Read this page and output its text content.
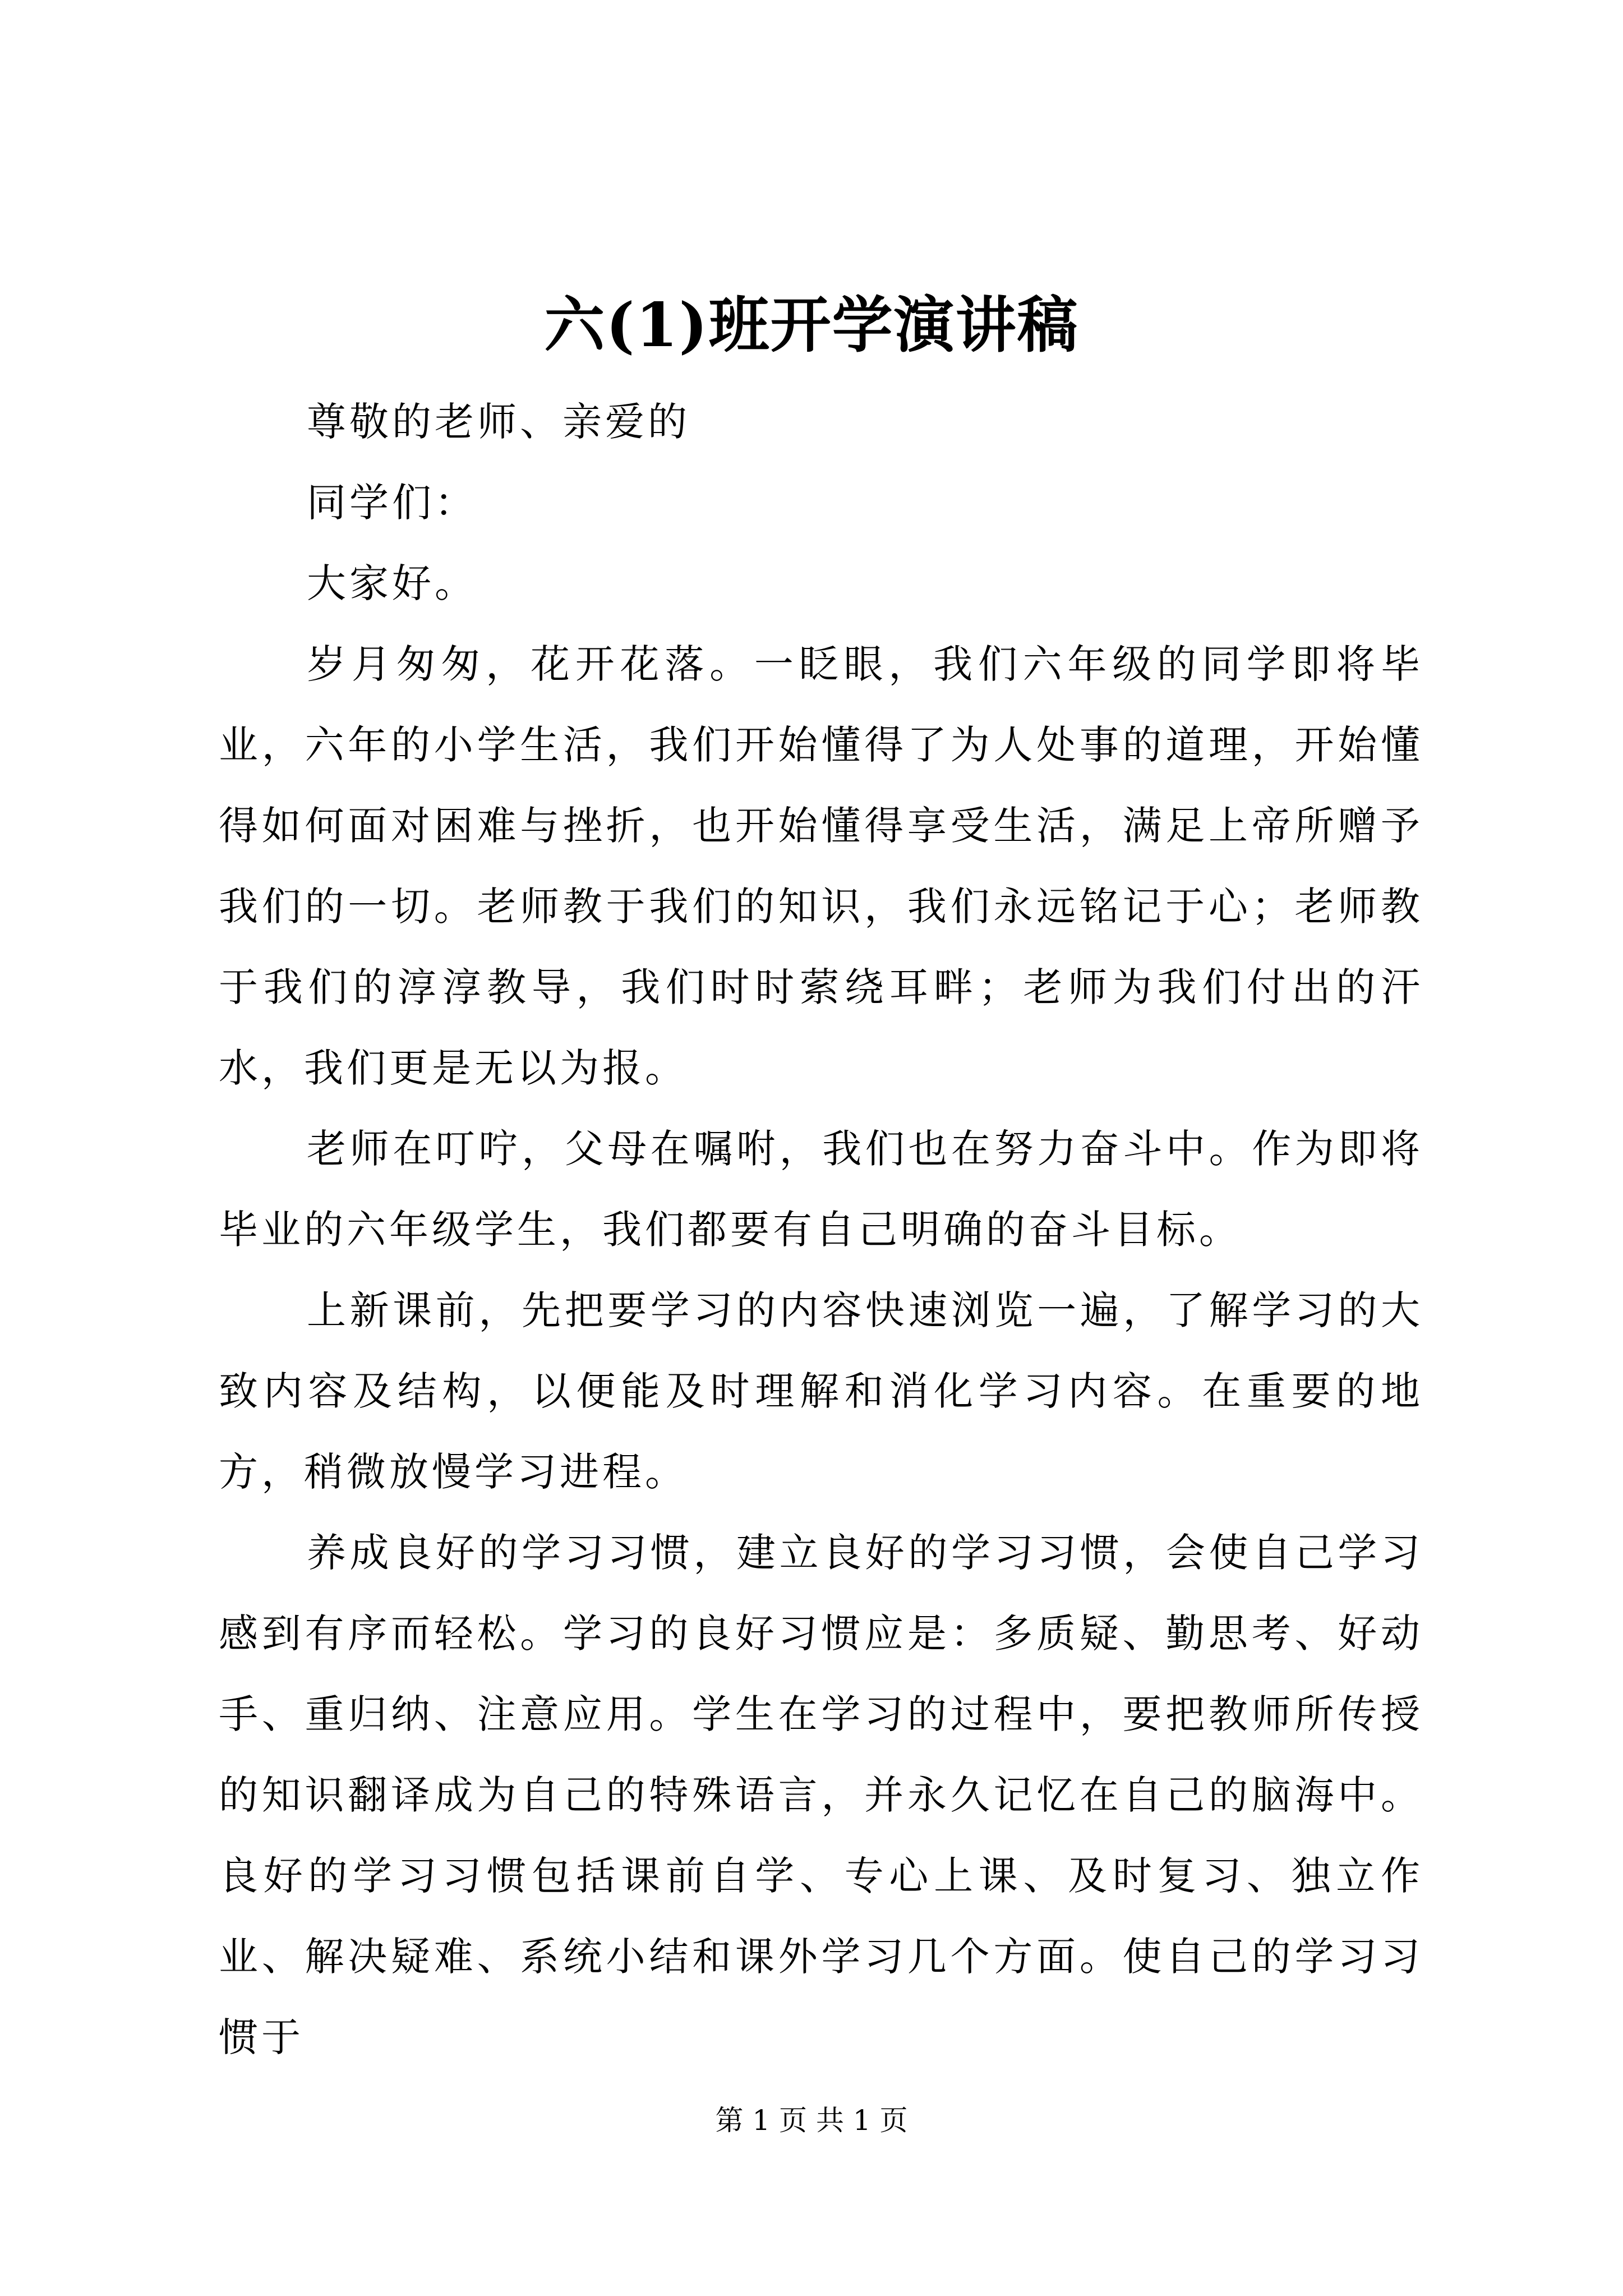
六(1)班开学演讲稿

尊敬的老师、亲爱的

同学们：

大家好。

岁月匆匆，花开花落。一眨眼，我们六年级的同学即将毕业，六年的小学生活，我们开始懂得了为人处事的道理，开始懂得如何面对困难与挫折，也开始懂得享受生活，满足上帝所赠予我们的一切。老师教于我们的知识，我们永远铭记于心；老师教于我们的淳淳教导，我们时时萦绕耳畔；老师为我们付出的汗水，我们更是无以为报。

老师在叮咛，父母在嘱咐，我们也在努力奋斗中。作为即将毕业的六年级学生，我们都要有自己明确的奋斗目标。

上新课前，先把要学习的内容快速浏览一遍，了解学习的大致内容及结构，以便能及时理解和消化学习内容。在重要的地方，稍微放慢学习进程。

养成良好的学习习惯，建立良好的学习习惯，会使自己学习感到有序而轻松。学习的良好习惯应是：多质疑、勤思考、好动手、重归纳、注意应用。学生在学习的过程中，要把教师所传授的知识翻译成为自己的特殊语言，并永久记忆在自己的脑海中。良好的学习习惯包括课前自学、专心上课、及时复习、独立作业、解决疑难、系统小结和课外学习几个方面。使自己的学习习惯于

第 1 页 共 1 页
